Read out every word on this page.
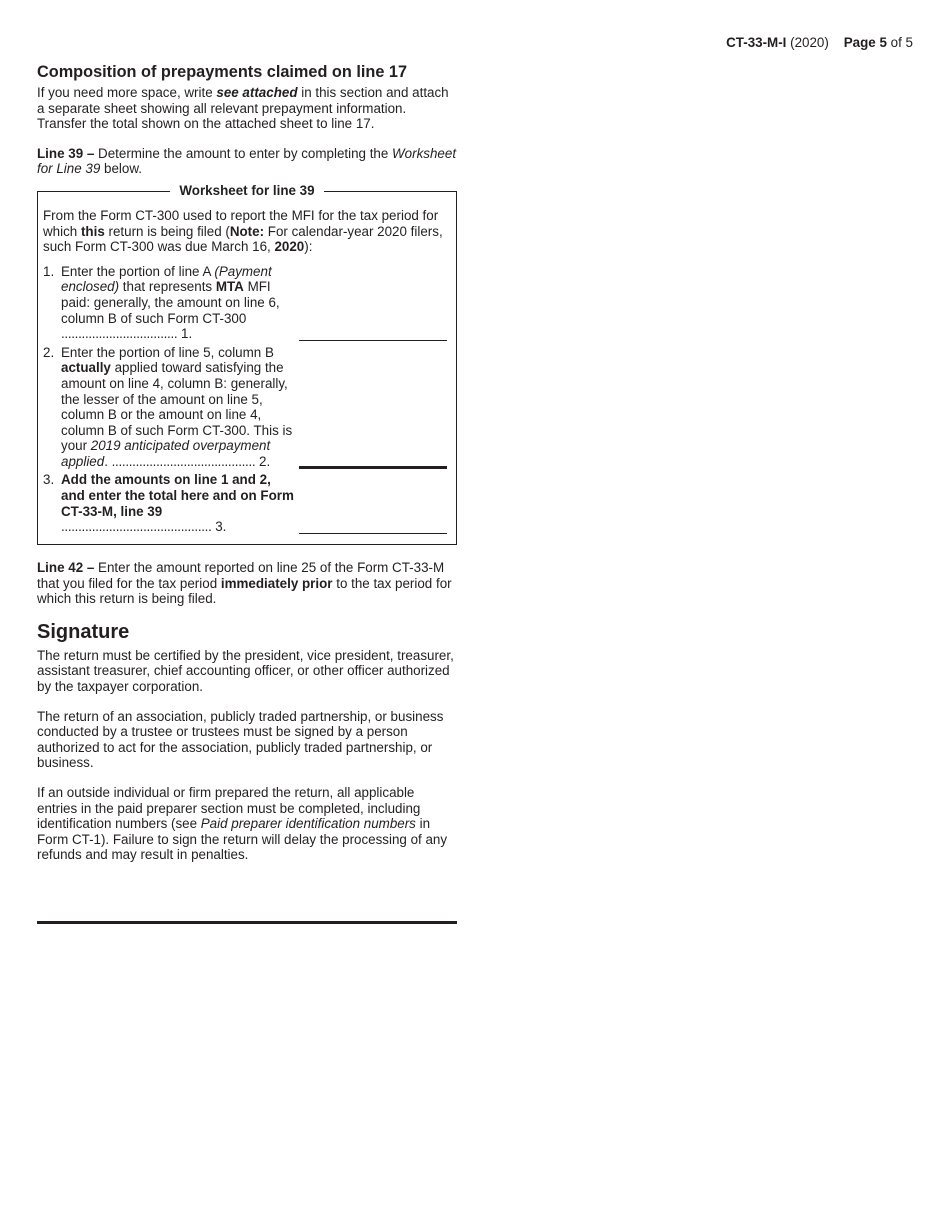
CT-33-M-I (2020) Page 5 of 5
Composition of prepayments claimed on line 17

If you need more space, write see attached in this section and attach a separate sheet showing all relevant prepayment information. Transfer the total shown on the attached sheet to line 17.

Line 39 – Determine the amount to enter by completing the Worksheet for Line 39 below.

Worksheet for line 39

From the Form CT-300 used to report the MFI for the tax period for which this return is being filed (Note: For calendar-year 2020 filers, such Form CT-300 was due March 16, 2020):

1. Enter the portion of line A (Payment enclosed) that represents MTA MFI paid: generally, the amount on line 6, column B of such Form CT-300 .................................. 1.
2. Enter the portion of line 5, column B actually applied toward satisfying the amount on line 4, column B: generally, the lesser of the amount on line 5, column B or the amount on line 4, column B of such Form CT-300. This is your 2019 anticipated overpayment applied. .......................................... 2.
3. Add the amounts on line 1 and 2, and enter the total here and on Form CT-33-M, line 39 ............................................ 3.

Line 42 – Enter the amount reported on line 25 of the Form CT-33-M that you filed for the tax period immediately prior to the tax period for which this return is being filed.

Signature

The return must be certified by the president, vice president, treasurer, assistant treasurer, chief accounting officer, or other officer authorized by the taxpayer corporation.

The return of an association, publicly traded partnership, or business conducted by a trustee or trustees must be signed by a person authorized to act for the association, publicly traded partnership, or business.

If an outside individual or firm prepared the return, all applicable entries in the paid preparer section must be completed, including identification numbers (see Paid preparer identification numbers in Form CT-1). Failure to sign the return will delay the processing of any refunds and may result in penalties.
